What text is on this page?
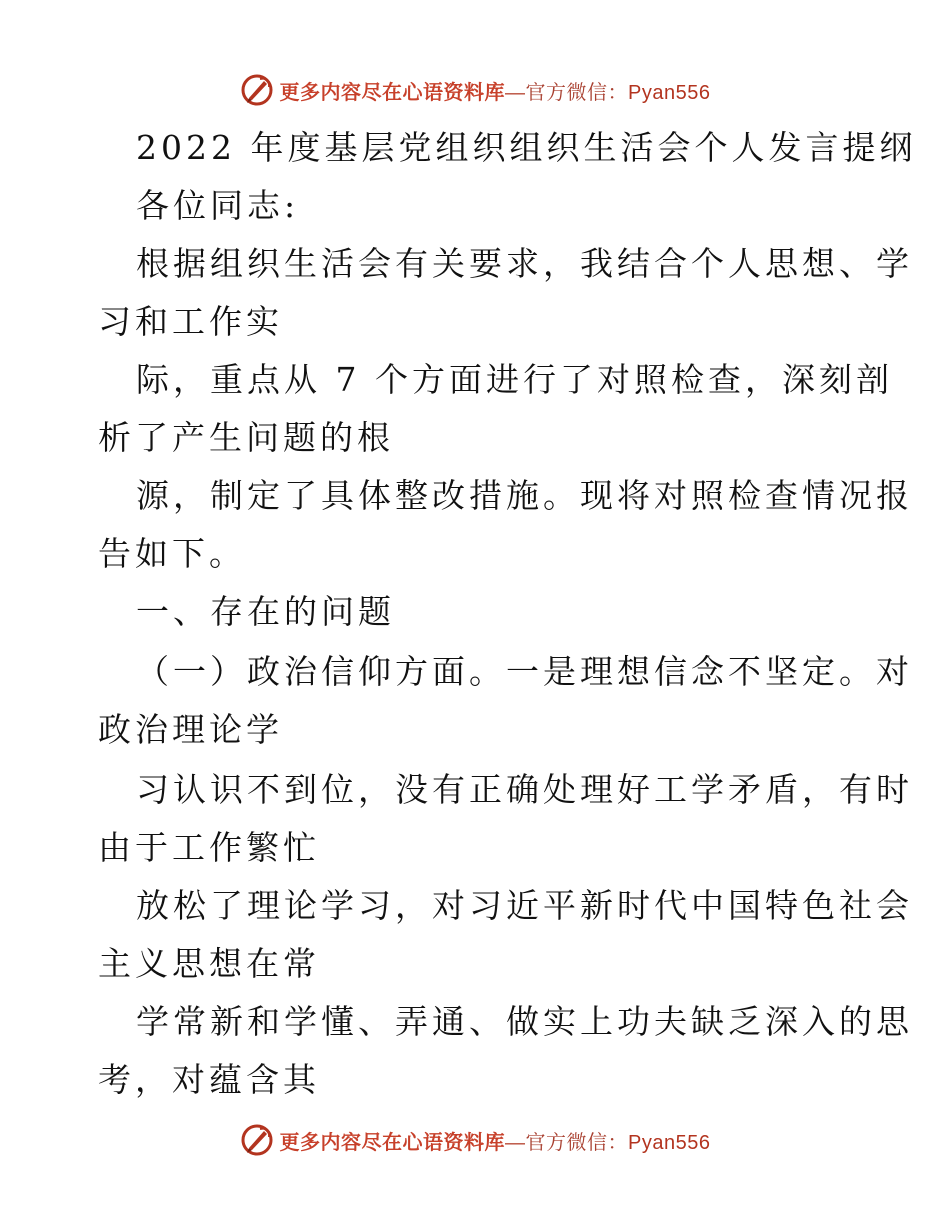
更多内容尽在心语资料库—官方微信：Pyan556
2022 年度基层党组织组织生活会个人发言提纲
各位同志:
根据组织生活会有关要求，我结合个人思想、学
习和工作实
际，重点从 7 个方面进行了对照检查，深刻剖
析了产生问题的根
源，制定了具体整改措施。现将对照检查情况报
告如下。
一、存在的问题
（一）政治信仰方面。一是理想信念不坚定。对
政治理论学
习认识不到位，没有正确处理好工学矛盾，有时
由于工作繁忙
放松了理论学习，对习近平新时代中国特色社会
主义思想在常
学常新和学懂、弄通、做实上功夫缺乏深入的思
考，对蕴含其
更多内容尽在心语资料库—官方微信：Pyan556
